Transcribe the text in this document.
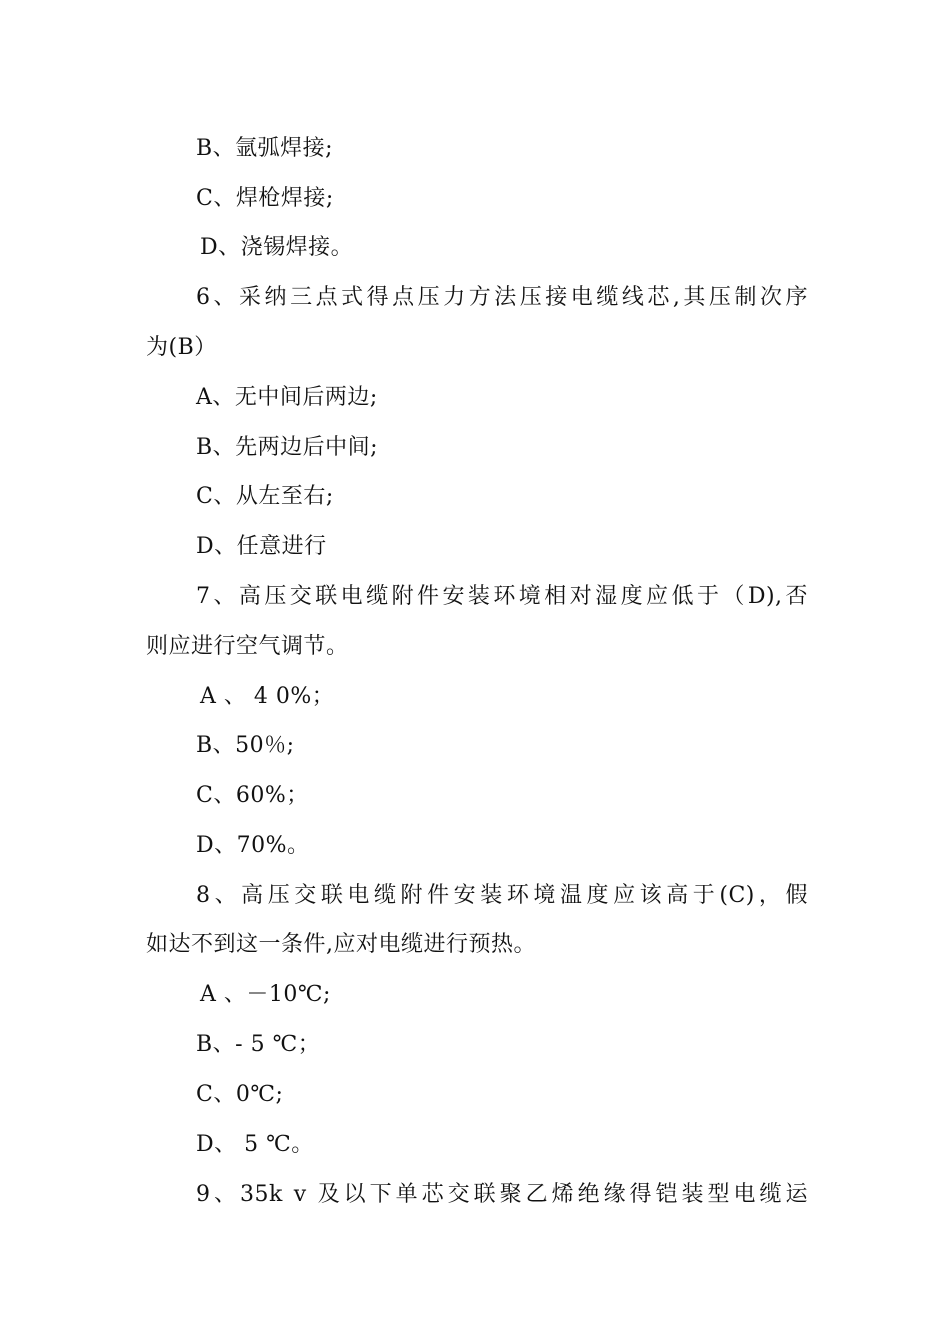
B、氩弧焊接;
C、焊枪焊接;
D、浇锡焊接。
6、采纳三点式得点压力方法压接电缆线芯,其压制次序
为(B）
A、无中间后两边;
B、先两边后中间;
C、从左至右;
D、任意进行
7、高压交联电缆附件安装环境相对湿度应低于（D),否
则应进行空气调节。
A 、 4 0%；
B、50％;
C、60%；
D、70%。
8、高压交联电缆附件安装环境温度应该高于(C)，假
如达不到这一条件,应对电缆进行预热。
A 、－10℃;
B、- 5 ℃；
C、0℃;
D、 5 ℃。
9、35k v 及以下单芯交联聚乙烯绝缘得铠装型电缆运
